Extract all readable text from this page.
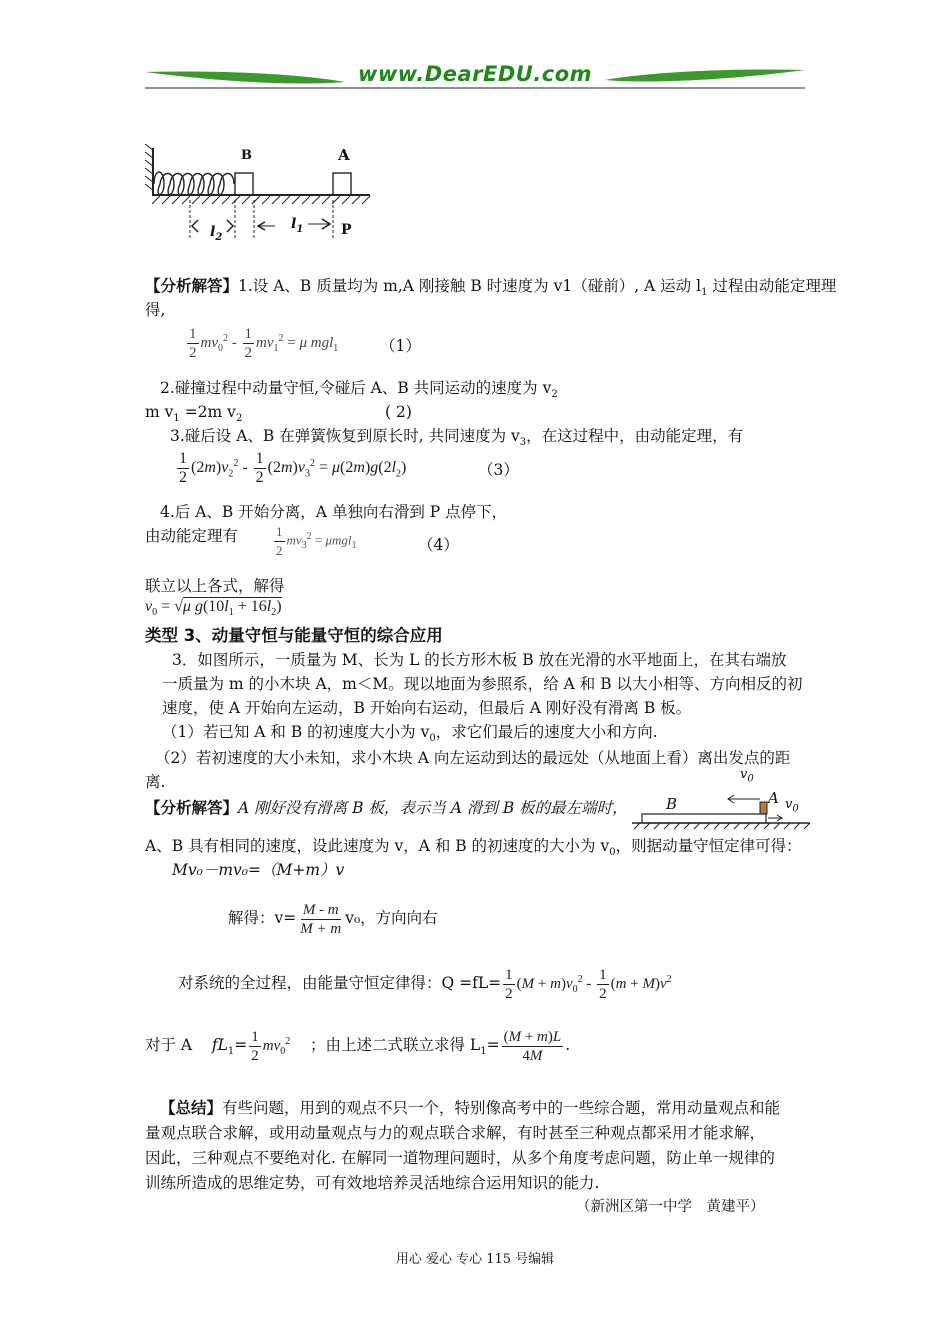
www.DearEDU.com
B	A
$l_2$
$l_1$	P
【分析解答】1.设 A、B 质量均为 m,A 刚接触 B 时速度为 v1（碰前）, A 运动 $l_1$ 过程由动能定理理
得,
$\frac{1}{2} mv_0^2 - \frac{1}{2} mv_1^2 = \mu$ mgl$_1$	（1）
2.碰撞过程中动量守恒,令碰后 A、B 共同运动的速度为 $v_2$
m $v_1 =2m$ $v_2$	( 2)
3.碰后设 A、B 在弹簧恢复到原长时, 共同速度为 $v_3$，在这过程中，由动能定理，有
$\frac{1}{2} (2m)v_2^2 - \frac{1}{2} (2m)v_3^2 = \mu(2m)g(2l_2)$	（3）
4.后 A、B 开始分离，A 单独向右滑到 P 点停下，
由动能定理有	$\frac{1}{2} mv_3^2 = \mu mgl_1$	（4）
联立以上各式，解得
$v_0 = √\mu$ $g(10l_1 + 16l_2)$
类型 3、动量守恒与能量守恒的综合应用
3．如图所示，一质量为 M、长为 L 的长方形木板 B 放在光滑的水平地面上，在其右端放
一质量为 m 的小木块 A，m＜M。现以地面为参照系，给 A 和 B 以大小相等、方向相反的初
速度，使 A 开始向左运动，B 开始向右运动，但最后 A 刚好没有滑离 B 板。
（1）若已知 A 和 B 的初速度大小为 $v_0$，求它们最后的速度大小和方向.
（2）若初速度的大小未知，求小木块 A 向左运动到达的最远处（从地面上看）离出发点的距
离.	$v_0$
A
B	$v_0$
【分析解答】A 刚好没有滑离 B 板，表示当 A 滑到 B 板的最左端时，
A、B 具有相同的速度，设此速度为 v，A 和 B 的初速度的大小为 $v_0$，则据动量守恒定律可得：
Mv₀－mv₀=（M+m）v
解得：$v= \frac{M - m}{M + m} v_0$，方向向右
对系统的全过程，由能量守恒定律得：$Q =fL= \frac{1}{2} (M + m)v_0^2 - \frac{1}{2} (m + M)v^2$
对于 A $fL_1= \frac{1}{2} mv_0^2$ ；由上述二式联立求得 $L_1= \frac{(M + m)L}{4M}$ .
【总结】有些问题，用到的观点不只一个，特别像高考中的一些综合题，常用动量观点和能
量观点联合求解，或用动量观点与力的观点联合求解，有时甚至三种观点都采用才能求解，
因此，三种观点不要绝对化. 在解同一道物理问题时，从多个角度考虑问题，防止单一规律的
训练所造成的思维定势，可有效地培养灵活地综合运用知识的能力.
（新洲区第一中学　黄建平）
用心 爱心 专心 115 号编辑
